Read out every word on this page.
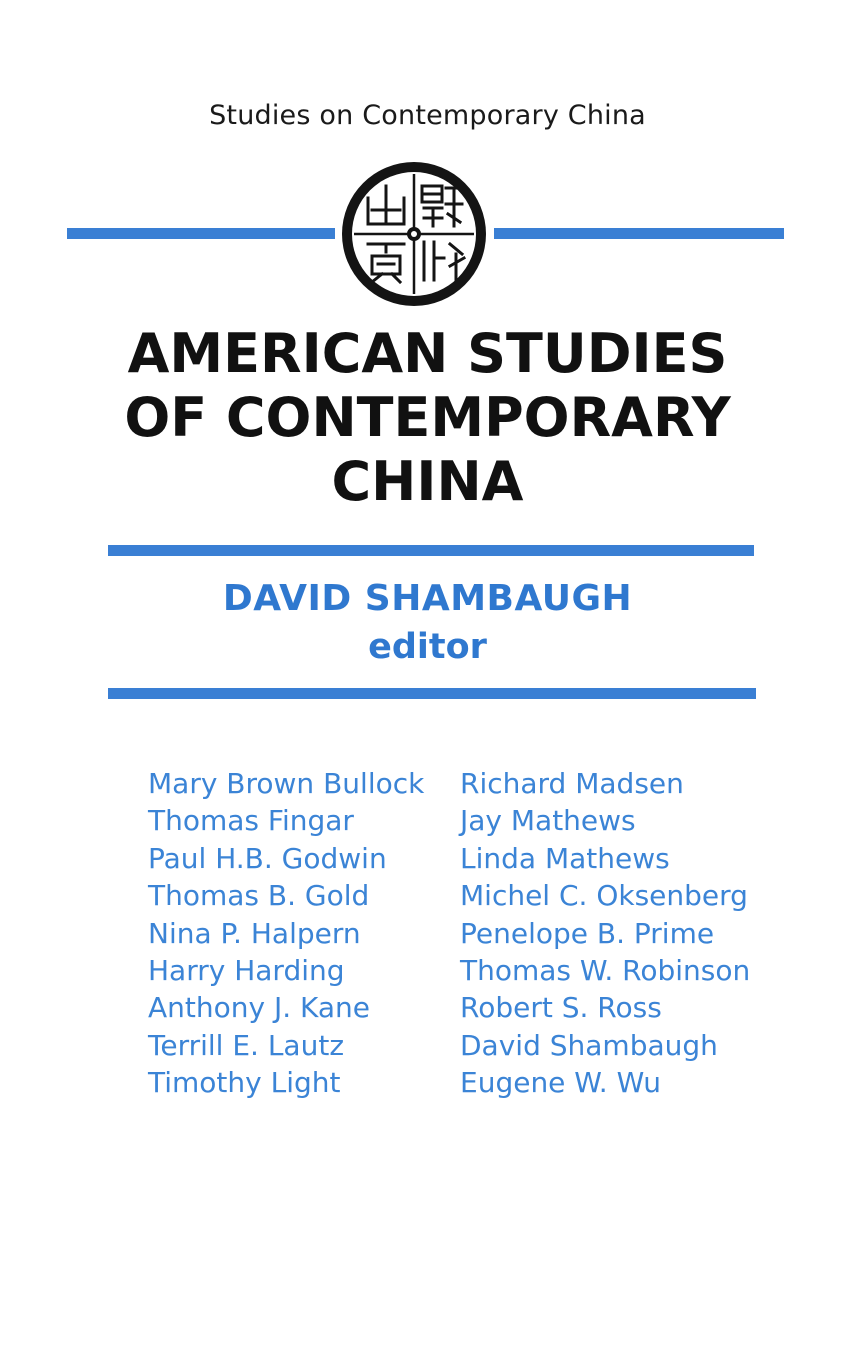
Studies on Contemporary China
AMERICAN STUDIES
OF CONTEMPORARY
CHINA
DAVID SHAMBAUGH
editor
Mary Brown Bullock
Thomas Fingar
Paul H.B. Godwin
Thomas B. Gold
Nina P. Halpern
Harry Harding
Anthony J. Kane
Terrill E. Lautz
Timothy Light
Richard Madsen
Jay Mathews
Linda Mathews
Michel C. Oksenberg
Penelope B. Prime
Thomas W. Robinson
Robert S. Ross
David Shambaugh
Eugene W. Wu
